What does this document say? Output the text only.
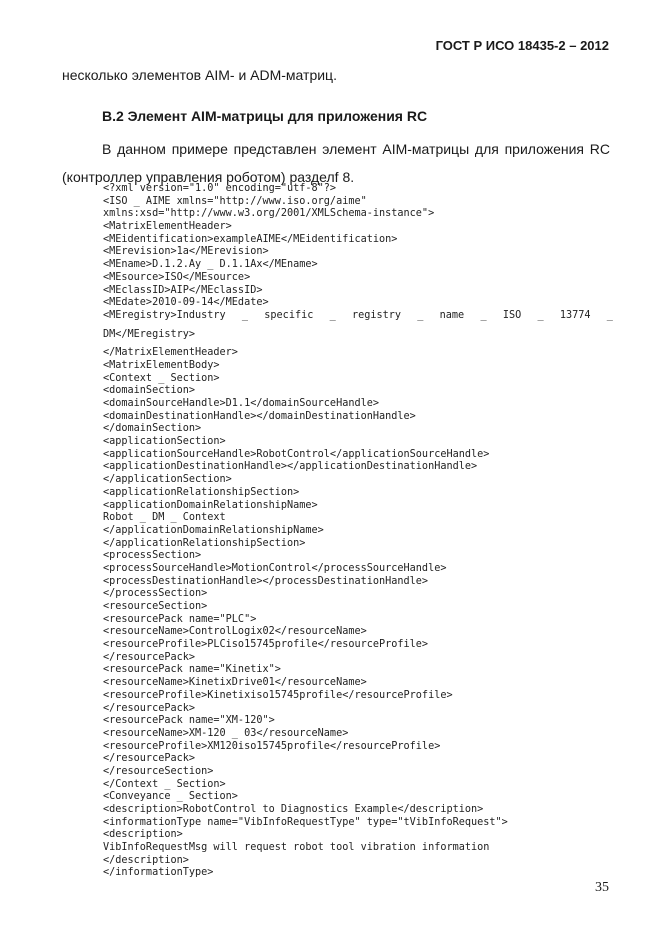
ГОСТ Р ИСО 18435-2 – 2012
несколько элементов AIM- и ADM-матриц.
B.2 Элемент AIM-матрицы для приложения RC
В данном примере представлен элемент AIM-матрицы для приложения RC (контроллер управления роботом) разделf 8.
<?xml version="1.0" encoding="utf-8"?>
<ISO _ AIME xmlns="http://www.iso.org/aime"
xmlns:xsd="http://www.w3.org/2001/XMLSchema-instance">
<MatrixElementHeader>
<MEidentification>exampleAIME</MEidentification>
<MErevision>1a</MErevision>
<MEname>D.1.2.Ay _ D.1.1Ax</MEname>
<MEsource>ISO</MEsource>
<MEclassID>AIP</MEclassID>
<MEdate>2010-09-14</MEdate>
<MEregistry>Industry _ specific _ registry _ name _ ISO _ 13774 _
DM</MEregistry>
</MatrixElementHeader>
<MatrixElementBody>
<Context _ Section>
<domainSection>
<domainSourceHandle>D1.1</domainSourceHandle>
<domainDestinationHandle></domainDestinationHandle>
</domainSection>
<applicationSection>
<applicationSourceHandle>RobotControl</applicationSourceHandle>
<applicationDestinationHandle></applicationDestinationHandle>
</applicationSection>
<applicationRelationshipSection>
<applicationDomainRelationshipName>
Robot _ DM _ Context
</applicationDomainRelationshipName>
</applicationRelationshipSection>
<processSection>
<processSourceHandle>MotionControl</processSourceHandle>
<processDestinationHandle></processDestinationHandle>
</processSection>
<resourceSection>
<resourcePack name="PLC">
<resourceName>ControlLogix02</resourceName>
<resourceProfile>PLCiso15745profile</resourceProfile>
</resourcePack>
<resourcePack name="Kinetix">
<resourceName>KinetixDrive01</resourceName>
<resourceProfile>Kinetixiso15745profile</resourceProfile>
</resourcePack>
<resourcePack name="XM-120">
<resourceName>XM-120 _ 03</resourceName>
<resourceProfile>XM120iso15745profile</resourceProfile>
</resourcePack>
</resourceSection>
</Context _ Section>
<Conveyance _ Section>
<description>RobotControl to Diagnostics Example</description>
<informationType name="VibInfoRequestType" type="tVibInfoRequest">
<description>
VibInfoRequestMsg will request robot tool vibration information
</description>
</informationType>
35
